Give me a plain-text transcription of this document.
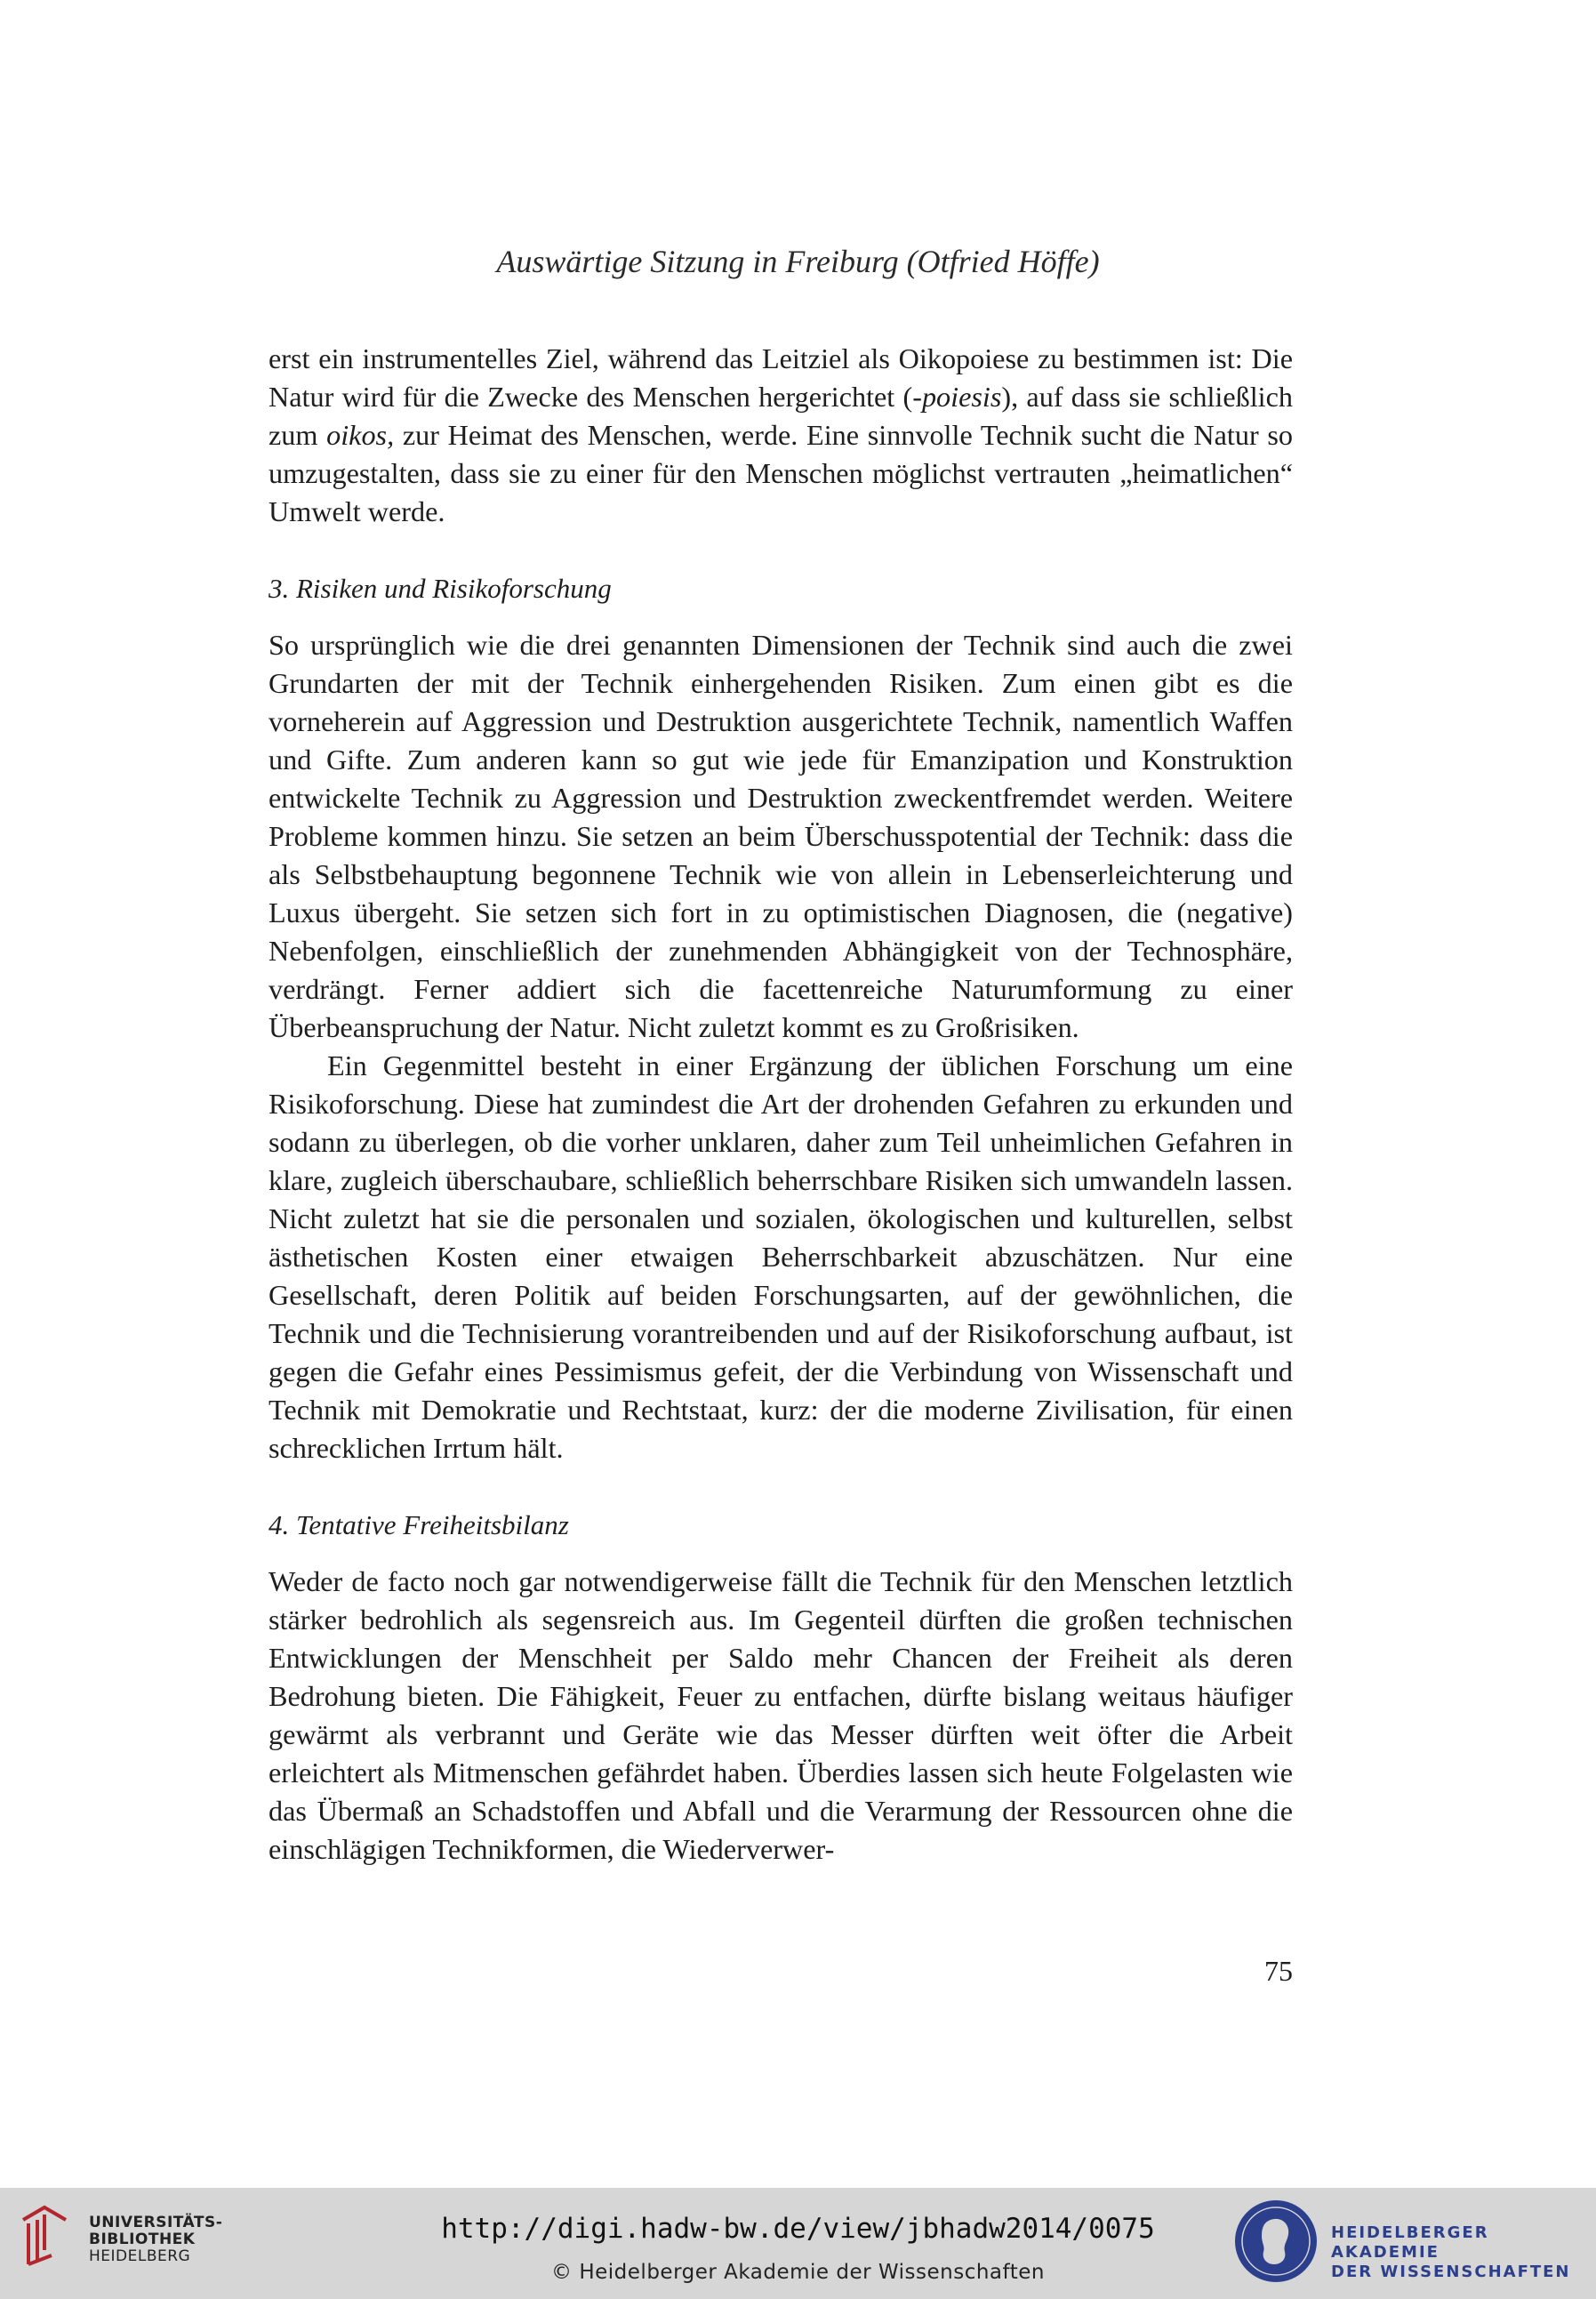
Auswärtige Sitzung in Freiburg (Otfried Höffe)

erst ein instrumentelles Ziel, während das Leitziel als Oikopoiese zu bestimmen ist: Die Natur wird für die Zwecke des Menschen hergerichtet (-poiesis), auf dass sie schließlich zum oikos, zur Heimat des Menschen, werde. Eine sinnvolle Technik sucht die Natur so umzugestalten, dass sie zu einer für den Menschen möglichst vertrauten „heimatlichen“ Umwelt werde.

3. Risiken und Risikoforschung

So ursprünglich wie die drei genannten Dimensionen der Technik sind auch die zwei Grundarten der mit der Technik einhergehenden Risiken. Zum einen gibt es die vorneherein auf Aggression und Destruktion ausgerichtete Technik, namentlich Waffen und Gifte. Zum anderen kann so gut wie jede für Emanzipation und Konstruktion entwickelte Technik zu Aggression und Destruktion zweckentfremdet werden. Weitere Probleme kommen hinzu. Sie setzen an beim Überschusspotential der Technik: dass die als Selbstbehauptung begonnene Technik wie von allein in Lebenserleichterung und Luxus übergeht. Sie setzen sich fort in zu optimistischen Diagnosen, die (negative) Nebenfolgen, einschließlich der zunehmenden Abhängigkeit von der Technosphäre, verdrängt. Ferner addiert sich die facettenreiche Naturumformung zu einer Überbeanspruchung der Natur. Nicht zuletzt kommt es zu Großrisiken.

Ein Gegenmittel besteht in einer Ergänzung der üblichen Forschung um eine Risikoforschung. Diese hat zumindest die Art der drohenden Gefahren zu erkunden und sodann zu überlegen, ob die vorher unklaren, daher zum Teil unheimlichen Gefahren in klare, zugleich überschaubare, schließlich beherrschbare Risiken sich umwandeln lassen. Nicht zuletzt hat sie die personalen und sozialen, ökologischen und kulturellen, selbst ästhetischen Kosten einer etwaigen Beherrschbarkeit abzuschätzen. Nur eine Gesellschaft, deren Politik auf beiden Forschungsarten, auf der gewöhnlichen, die Technik und die Technisierung vorantreibenden und auf der Risikoforschung aufbaut, ist gegen die Gefahr eines Pessimismus gefeit, der die Verbindung von Wissenschaft und Technik mit Demokratie und Rechtstaat, kurz: der die moderne Zivilisation, für einen schrecklichen Irrtum hält.

4. Tentative Freiheitsbilanz

Weder de facto noch gar notwendigerweise fällt die Technik für den Menschen letztlich stärker bedrohlich als segensreich aus. Im Gegenteil dürften die großen technischen Entwicklungen der Menschheit per Saldo mehr Chancen der Freiheit als deren Bedrohung bieten. Die Fähigkeit, Feuer zu entfachen, dürfte bislang weitaus häufiger gewärmt als verbrannt und Geräte wie das Messer dürften weit öfter die Arbeit erleichtert als Mitmenschen gefährdet haben. Überdies lassen sich heute Folgelasten wie das Übermaß an Schadstoffen und Abfall und die Verarmung der Ressourcen ohne die einschlägigen Technikformen, die Wiederverwer-

75
UNIVERSITÄTS-
BIBLIOTHEK
HEIDELBERG
http://digi.hadw-bw.de/view/jbhadw2014/0075
© Heidelberger Akademie der Wissenschaften
HEIDELBERGER AKADEMIE
DER WISSENSCHAFTEN
